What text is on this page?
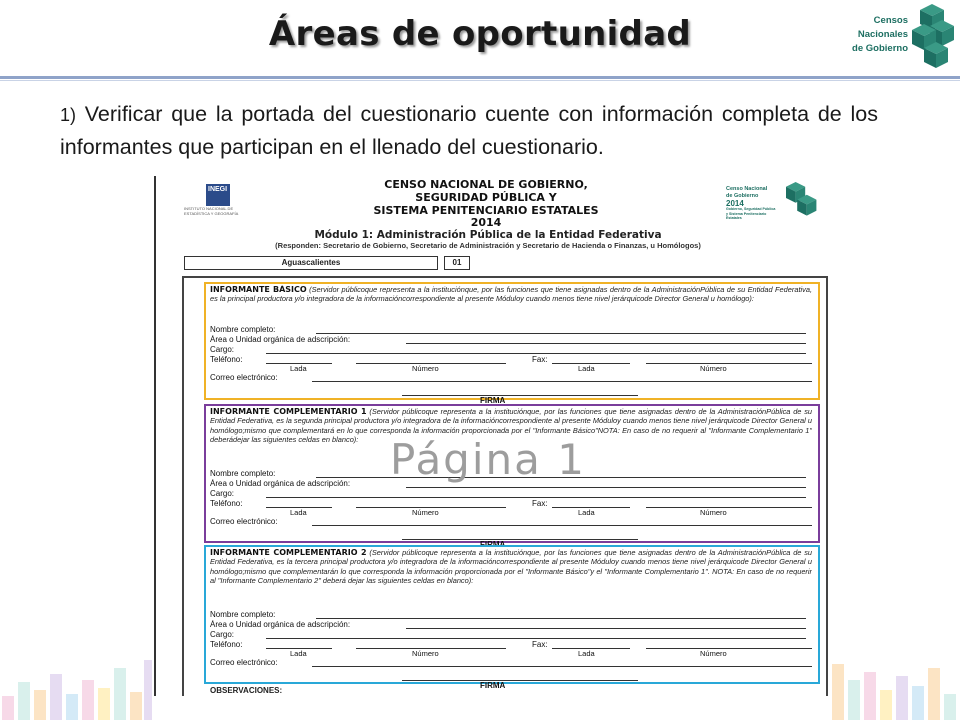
Áreas de oportunidad	Censos
Nacionales
de Gobierno
1) Verificar que la portada del cuestionario cuente con información completa de los informantes que participan en el llenado del cuestionario.
INEGI
INSTITUTO NACIONAL DE ESTADÍSTICA Y GEOGRAFÍA
CENSO NACIONAL DE GOBIERNO,
SEGURIDAD PÚBLICA Y
SISTEMA PENITENCIARIO ESTATALES
2014
Censo Nacional
de Gobierno
2014
Gobierno, Seguridad Pública y Sistema Penitenciario Estatales
Módulo 1: Administración Pública de la Entidad Federativa
(Responden: Secretario de Gobierno, Secretario de Administración y Secretario de Hacienda o Finanzas, u Homólogos)
Aguascalientes	01
INFORMANTE BÁSICO (Servidor públicoque representa a la instituciónque, por las funciones que tiene asignadas dentro de la AdministraciónPública de su Entidad Federativa, es la principal productora y/o integradora de la informacióncorrespondiente al presente Móduloy cuando menos tiene nivel jerárquicode Director General u homólogo):
Nombre completo:
Área o Unidad orgánica de adscripción:
Cargo:
Teléfono:	Fax:
Lada	Número	Lada	Número
Correo electrónico:
FIRMA
INFORMANTE COMPLEMENTARIO 1 (Servidor públicoque representa a la instituciónque, por las funciones que tiene asignadas dentro de la AdministraciónPública de su Entidad Federativa, es la segunda principal productora y/o integradora de la informacióncorrespondiente al presente Móduloy cuando menos tiene nivel jerárquicode Director General u homólogo;mismo que complementará en lo que corresponda la información proporcionada por el "Informante Básico"NOTA: En caso de no requerir al "Informante Complementario 1" deberádejar las siguientes celdas en blanco):
Nombre completo:
Área o Unidad orgánica de adscripción:
Cargo:
Teléfono:	Fax:
Lada	Número	Lada	Número
Correo electrónico:
FIRMA
INFORMANTE COMPLEMENTARIO 2 (Servidor públicoque representa a la instituciónque, por las funciones que tiene asignadas dentro de la AdministraciónPública de su Entidad Federativa, es la tercera principal productora y/o integradora de la informacióncorrespondiente al presente Móduloy cuando menos tiene nivel jerárquicode Director General u homólogo;mismo que complementarán lo que corresponda la información proporcionada por el "Informante Básico"y el "Informante Complementario 1". NOTA: En caso de no requerir al "Informante Complementario 2" deberá dejar las siguientes celdas en blanco):
Nombre completo:
Área o Unidad orgánica de adscripción:
Cargo:
Teléfono:	Fax:
Lada	Número	Lada	Número
Correo electrónico:
FIRMA
Página 1
OBSERVACIONES:
